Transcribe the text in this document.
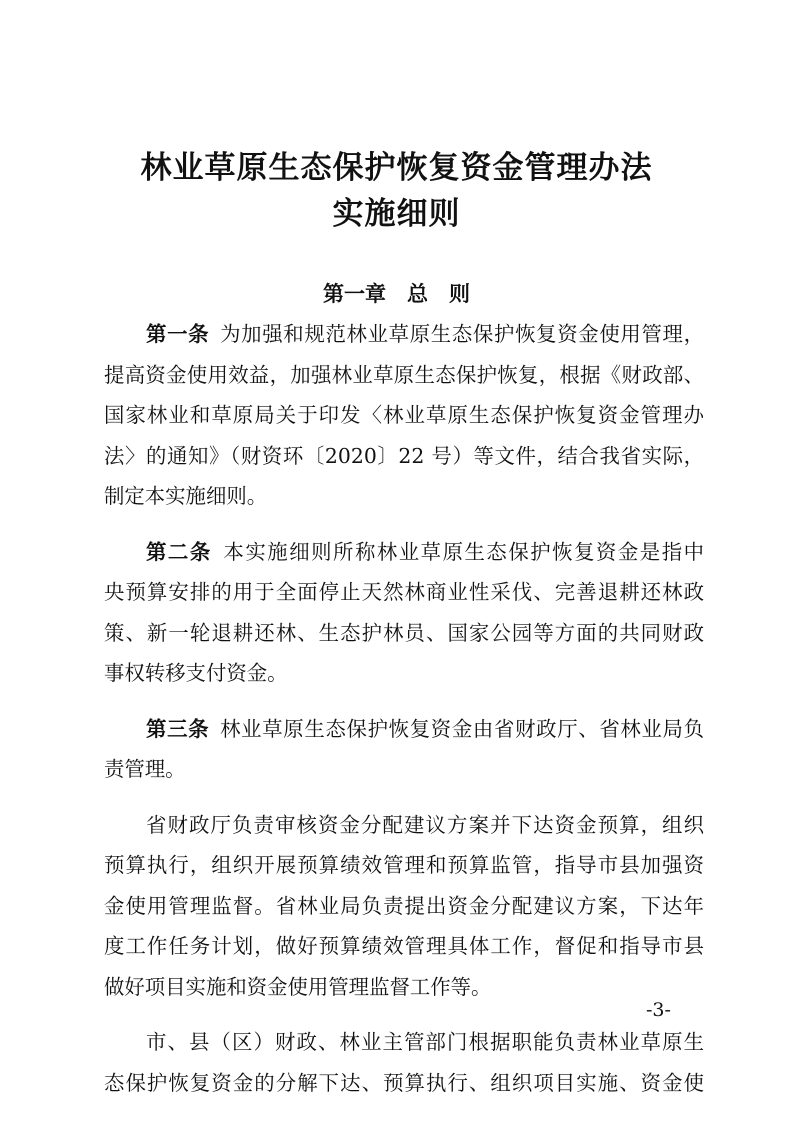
林业草原生态保护恢复资金管理办法
实施细则
第一章　总　则
第一条  为加强和规范林业草原生态保护恢复资金使用管理，
提高资金使用效益，加强林业草原生态保护恢复，根据《财政部、
国家林业和草原局关于印发〈林业草原生态保护恢复资金管理办
法〉的通知》（财资环〔2020〕22 号）等文件，结合我省实际，
制定本实施细则。
第二条  本实施细则所称林业草原生态保护恢复资金是指中
央预算安排的用于全面停止天然林商业性采伐、完善退耕还林政
策、新一轮退耕还林、生态护林员、国家公园等方面的共同财政
事权转移支付资金。
第三条  林业草原生态保护恢复资金由省财政厅、省林业局负
责管理。
省财政厅负责审核资金分配建议方案并下达资金预算，组织
预算执行，组织开展预算绩效管理和预算监管，指导市县加强资
金使用管理监督。省林业局负责提出资金分配建议方案，下达年
度工作任务计划，做好预算绩效管理具体工作，督促和指导市县
做好项目实施和资金使用管理监督工作等。
市、县（区）财政、林业主管部门根据职能负责林业草原生
态保护恢复资金的分解下达、预算执行、组织项目实施、资金使
-3-
